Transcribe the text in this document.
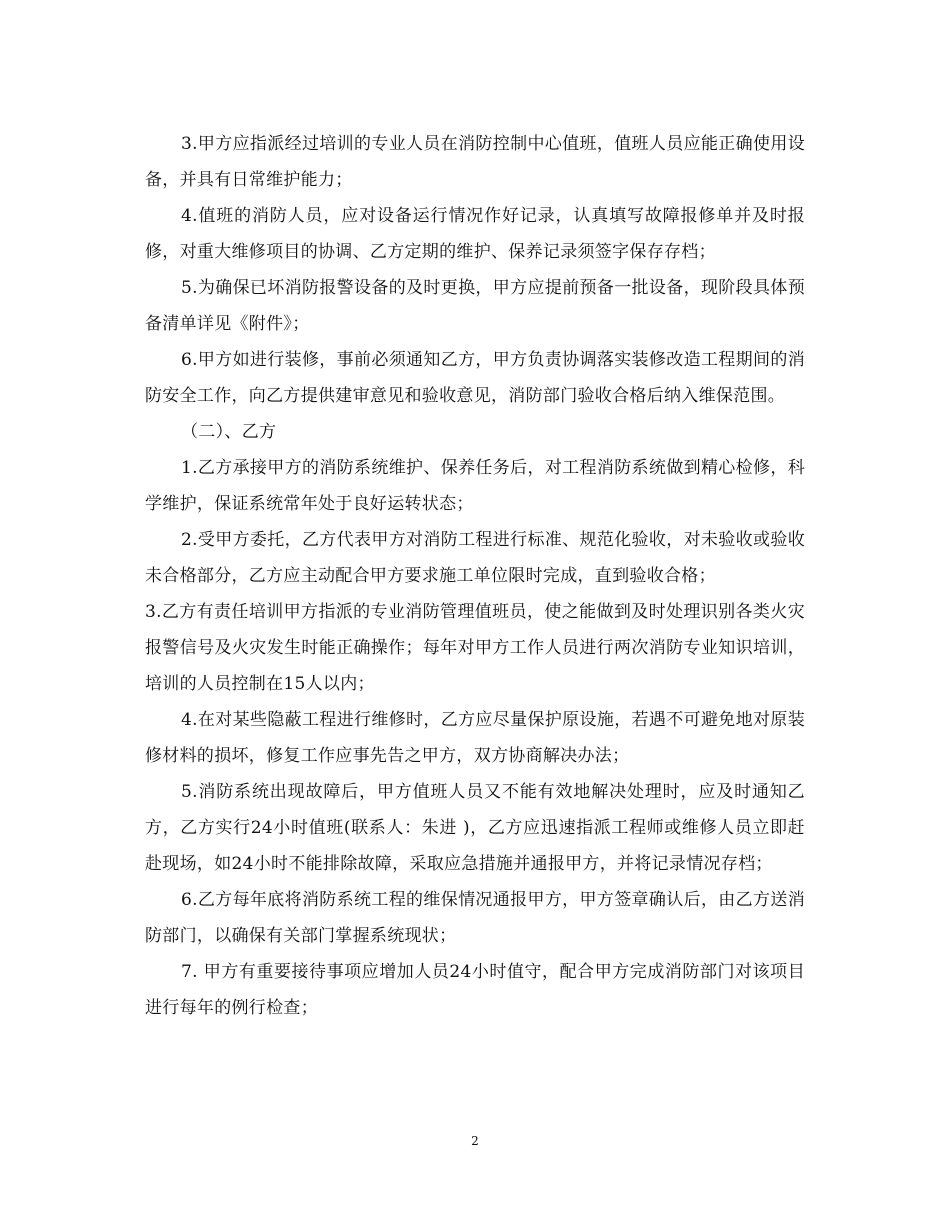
3.甲方应指派经过培训的专业人员在消防控制中心值班，值班人员应能正确使用设备，并具有日常维护能力；

4.值班的消防人员，应对设备运行情况作好记录，认真填写故障报修单并及时报修，对重大维修项目的协调、乙方定期的维护、保养记录须签字保存存档；

5.为确保已坏消防报警设备的及时更换，甲方应提前预备一批设备，现阶段具体预备清单详见《附件》；

6.甲方如进行装修，事前必须通知乙方，甲方负责协调落实装修改造工程期间的消防安全工作，向乙方提供建审意见和验收意见，消防部门验收合格后纳入维保范围。

（二）、乙方

1.乙方承接甲方的消防系统维护、保养任务后，对工程消防系统做到精心检修，科学维护，保证系统常年处于良好运转状态；

2.受甲方委托，乙方代表甲方对消防工程进行标准、规范化验收，对未验收或验收未合格部分，乙方应主动配合甲方要求施工单位限时完成，直到验收合格；

3.乙方有责任培训甲方指派的专业消防管理值班员，使之能做到及时处理识别各类火灾报警信号及火灾发生时能正确操作；每年对甲方工作人员进行两次消防专业知识培训，培训的人员控制在15人以内；

4.在对某些隐蔽工程进行维修时，乙方应尽量保护原设施，若遇不可避免地对原装修材料的损坏，修复工作应事先告之甲方，双方协商解决办法；

5.消防系统出现故障后，甲方值班人员又不能有效地解决处理时，应及时通知乙方，乙方实行24小时值班(联系人：朱进 )，乙方应迅速指派工程师或维修人员立即赶赴现场，如24小时不能排除故障，采取应急措施并通报甲方，并将记录情况存档；

6.乙方每年底将消防系统工程的维保情况通报甲方，甲方签章确认后，由乙方送消防部门，以确保有关部门掌握系统现状；

7. 甲方有重要接待事项应增加人员24小时值守，配合甲方完成消防部门对该项目进行每年的例行检查；

2
